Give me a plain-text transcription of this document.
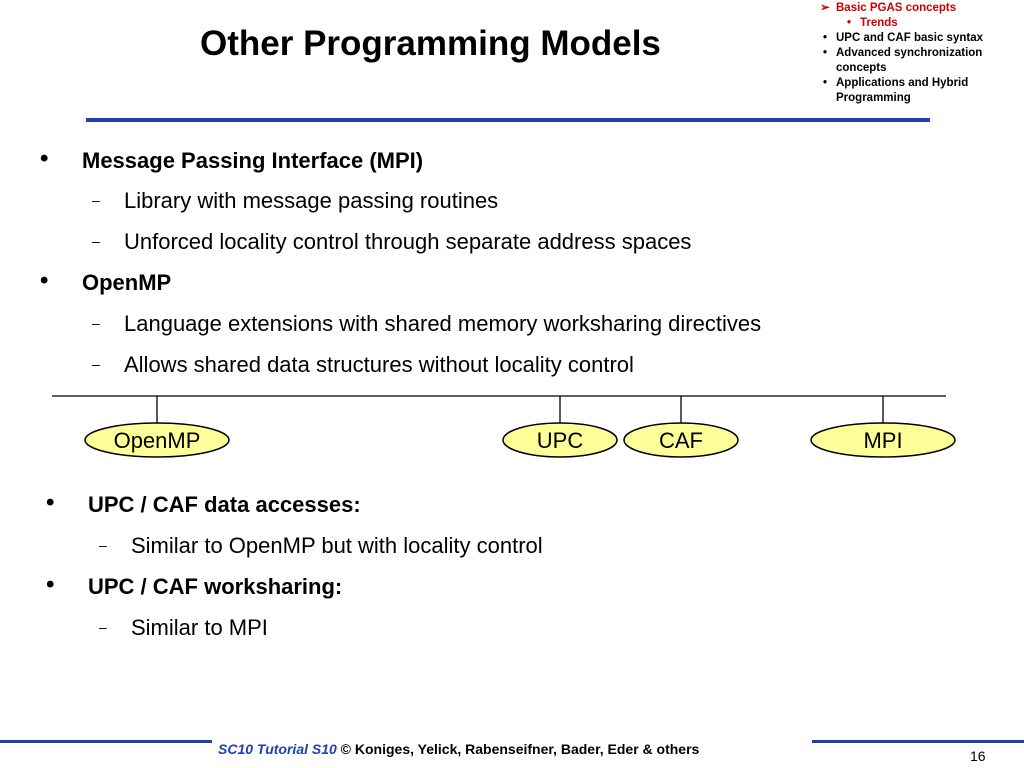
Other Programming Models
➢ Basic PGAS concepts
• Trends
• UPC and CAF basic syntax
• Advanced synchronization concepts
• Applications and Hybrid Programming
• Message Passing Interface (MPI)
– Library with message passing routines
– Unforced locality control through separate address spaces
• OpenMP
– Language extensions with shared memory worksharing directives
– Allows shared data structures without locality control
OpenMP	UPC	CAF	MPI
• UPC / CAF data accesses:
– Similar to OpenMP but with locality control
• UPC / CAF worksharing:
– Similar to MPI
SC10 Tutorial S10 © Koniges, Yelick, Rabenseifner, Bader, Eder & others	16
